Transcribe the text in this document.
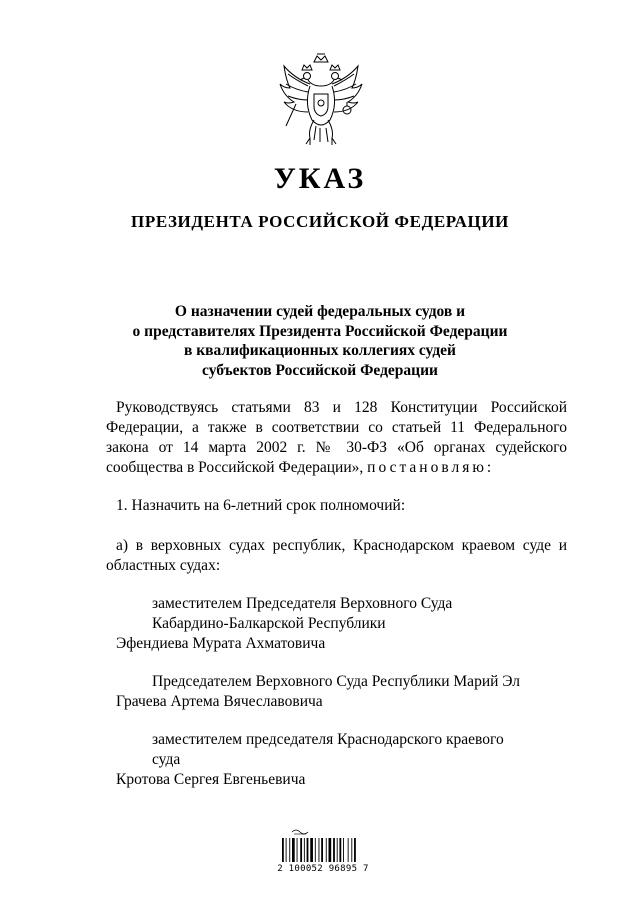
УКАЗ
ПРЕЗИДЕНТА РОССИЙСКОЙ ФЕДЕРАЦИИ
О назначении судей федеральных судов и
о представителях Президента Российской Федерации
в квалификационных коллегиях судей
субъектов Российской Федерации
Руководствуясь статьями 83 и 128 Конституции Российской
Федерации, а также в соответствии со статьей 11 Федерального
закона от 14 марта 2002 г. № 30-ФЗ «Об органах судейского
сообщества в Российской Федерации», постановляю:
1. Назначить на 6-летний срок полномочий:
а) в верховных судах республик, Краснодарском краевом суде и
областных судах:
заместителем Председателя Верховного Суда
Кабардино-Балкарской Республики
Эфендиева Мурата Ахматовича
Председателем Верховного Суда Республики Марий Эл
Грачева Артема Вячеславовича
заместителем председателя Краснодарского краевого
суда
Кротова Сергея Евгеньевича
2 100052 96895 7
